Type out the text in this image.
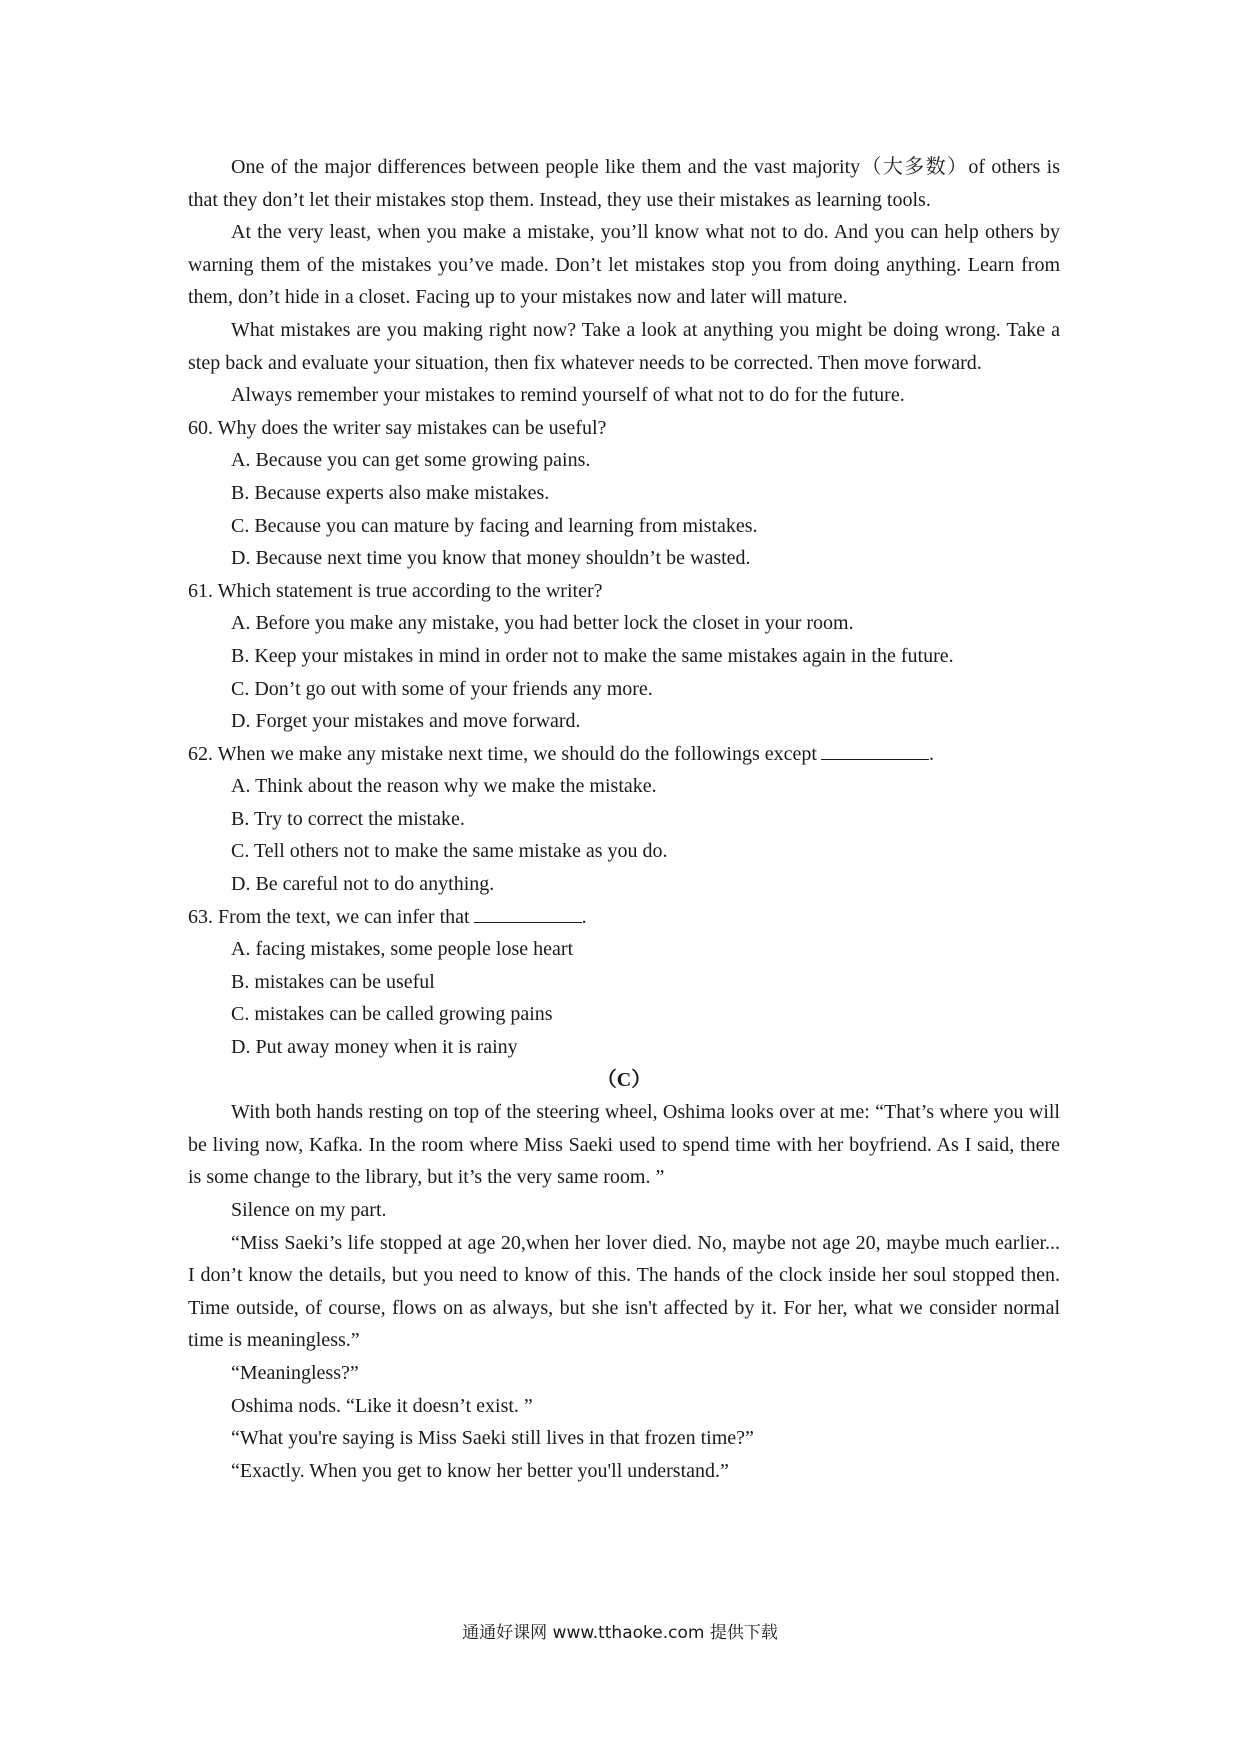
One of the major differences between people like them and the vast majority（大多数）of others is that they don’t let their mistakes stop them. Instead, they use their mistakes as learning tools.

At the very least, when you make a mistake, you’ll know what not to do. And you can help others by warning them of the mistakes you’ve made. Don’t let mistakes stop you from doing anything. Learn from them, don’t hide in a closet. Facing up to your mistakes now and later will mature.

What mistakes are you making right now? Take a look at anything you might be doing wrong. Take a step back and evaluate your situation, then fix whatever needs to be corrected. Then move forward.

Always remember your mistakes to remind yourself of what not to do for the future.

60. Why does the writer say mistakes can be useful?

A. Because you can get some growing pains.

B. Because experts also make mistakes.

C. Because you can mature by facing and learning from mistakes.

D. Because next time you know that money shouldn’t be wasted.

61. Which statement is true according to the writer?

A. Before you make any mistake, you had better lock the closet in your room.

B. Keep your mistakes in mind in order not to make the same mistakes again in the future.

C. Don’t go out with some of your friends any more.

D. Forget your mistakes and move forward.

62. When we make any mistake next time, we should do the followings except	.

A. Think about the reason why we make the mistake.

B. Try to correct the mistake.

C. Tell others not to make the same mistake as you do.

D. Be careful not to do anything.

63. From the text, we can infer that	.

A. facing mistakes, some people lose heart

B. mistakes can be useful

C. mistakes can be called growing pains

D. Put away money when it is rainy

（C）

With both hands resting on top of the steering wheel, Oshima looks over at me: “That’s where you will be living now, Kafka. In the room where Miss Saeki used to spend time with her boyfriend. As I said, there is some change to the library, but it’s the very same room. ”

Silence on my part.

“Miss Saeki’s life stopped at age 20,when her lover died. No, maybe not age 20, maybe much earlier... I don’t know the details, but you need to know of this. The hands of the clock inside her soul stopped then. Time outside, of course, flows on as always, but she isn't affected by it. For her, what we consider normal time is meaningless.”

“Meaningless?”

Oshima nods. “Like it doesn’t exist. ”

“What you're saying is Miss Saeki still lives in that frozen time?”

“Exactly. When you get to know her better you'll understand.”

通通好课网 www.tthaoke.com 提供下载
